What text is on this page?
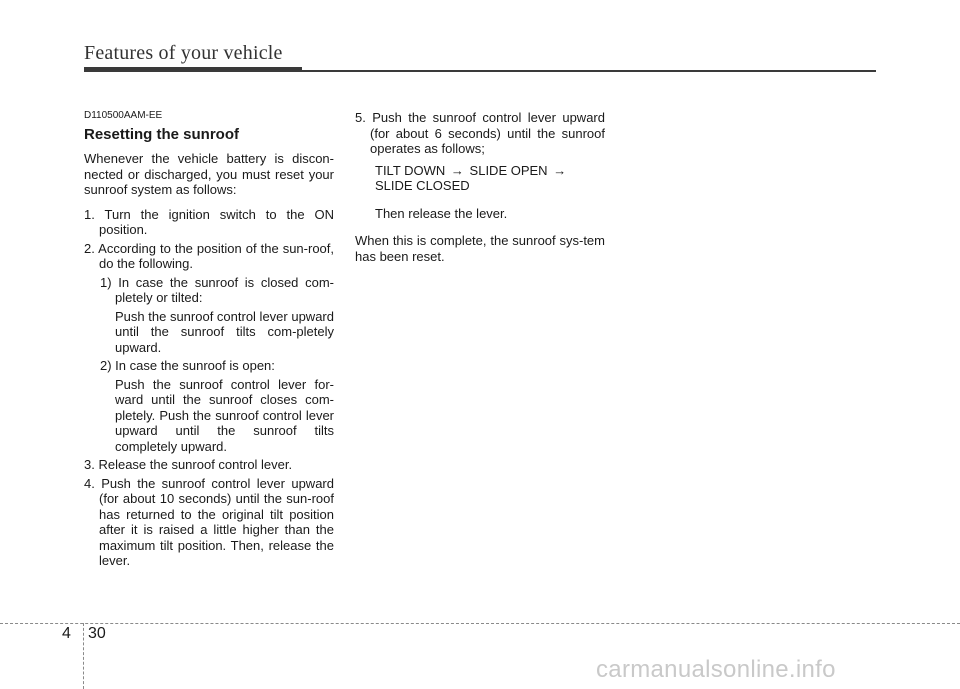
Features of your vehicle

D110500AAM-EE

Resetting the sunroof

Whenever the vehicle battery is discon-nected or discharged, you must reset your sunroof system as follows:

1. Turn the ignition switch to the ON position.

2. According to the position of the sun-roof, do the following.

1) In case the sunroof is closed com-pletely or tilted:

Push the sunroof control lever upward until the sunroof tilts com-pletely upward.

2) In case the sunroof is open:

Push the sunroof control lever for-ward until the sunroof closes com-pletely. Push the sunroof control lever upward until the sunroof tilts completely upward.

3. Release the sunroof control lever.

4. Push the sunroof control lever upward (for about 10 seconds) until the sun-roof has returned to the original tilt position after it is raised a little higher than the maximum tilt position. Then, release the lever.

5. Push the sunroof control lever upward (for about 6 seconds) until the sunroof operates as follows;

TILT DOWN → SLIDE OPEN →
SLIDE CLOSED

Then release the lever.

When this is complete, the sunroof sys-tem has been reset.

4 30
carmanualsonline.info
